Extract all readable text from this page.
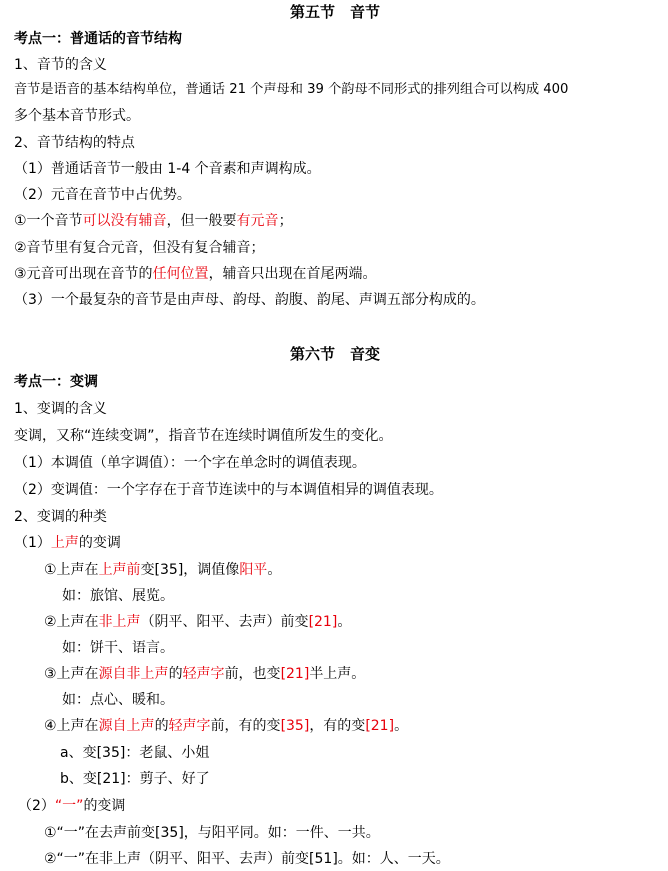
第五节　音节
考点一：普通话的音节结构
1、音节的含义
音节是语音的基本结构单位，普通话 21 个声母和 39 个韵母不同形式的排列组合可以构成 400
多个基本音节形式。
2、音节结构的特点
（1）普通话音节一般由 1-4 个音素和声调构成。
（2）元音在音节中占优势。
①一个音节可以没有辅音，但一般要有元音；
②音节里有复合元音，但没有复合辅音；
③元音可出现在音节的任何位置，辅音只出现在首尾两端。
（3）一个最复杂的音节是由声母、韵母、韵腹、韵尾、声调五部分构成的。
第六节　音变
考点一：变调
1、变调的含义
变调，又称“连续变调”，指音节在连续时调值所发生的变化。
（1）本调值（单字调值）：一个字在单念时的调值表现。
（2）变调值：一个字存在于音节连读中的与本调值相异的调值表现。
2、变调的种类
（1）上声的变调
①上声在上声前变[35]，调值像阳平。
如：旅馆、展览。
②上声在非上声（阴平、阳平、去声）前变[21]。
如：饼干、语言。
③上声在源自非上声的轻声字前，也变[21]半上声。
如：点心、暖和。
④上声在源自上声的轻声字前，有的变[35]，有的变[21]。
a、变[35]：老鼠、小姐
b、变[21]：剪子、好了
（2）“一”的变调
①“一”在去声前变[35]，与阳平同。如：一件、一共。
②“一”在非上声（阴平、阳平、去声）前变[51]。如：人、一天。
